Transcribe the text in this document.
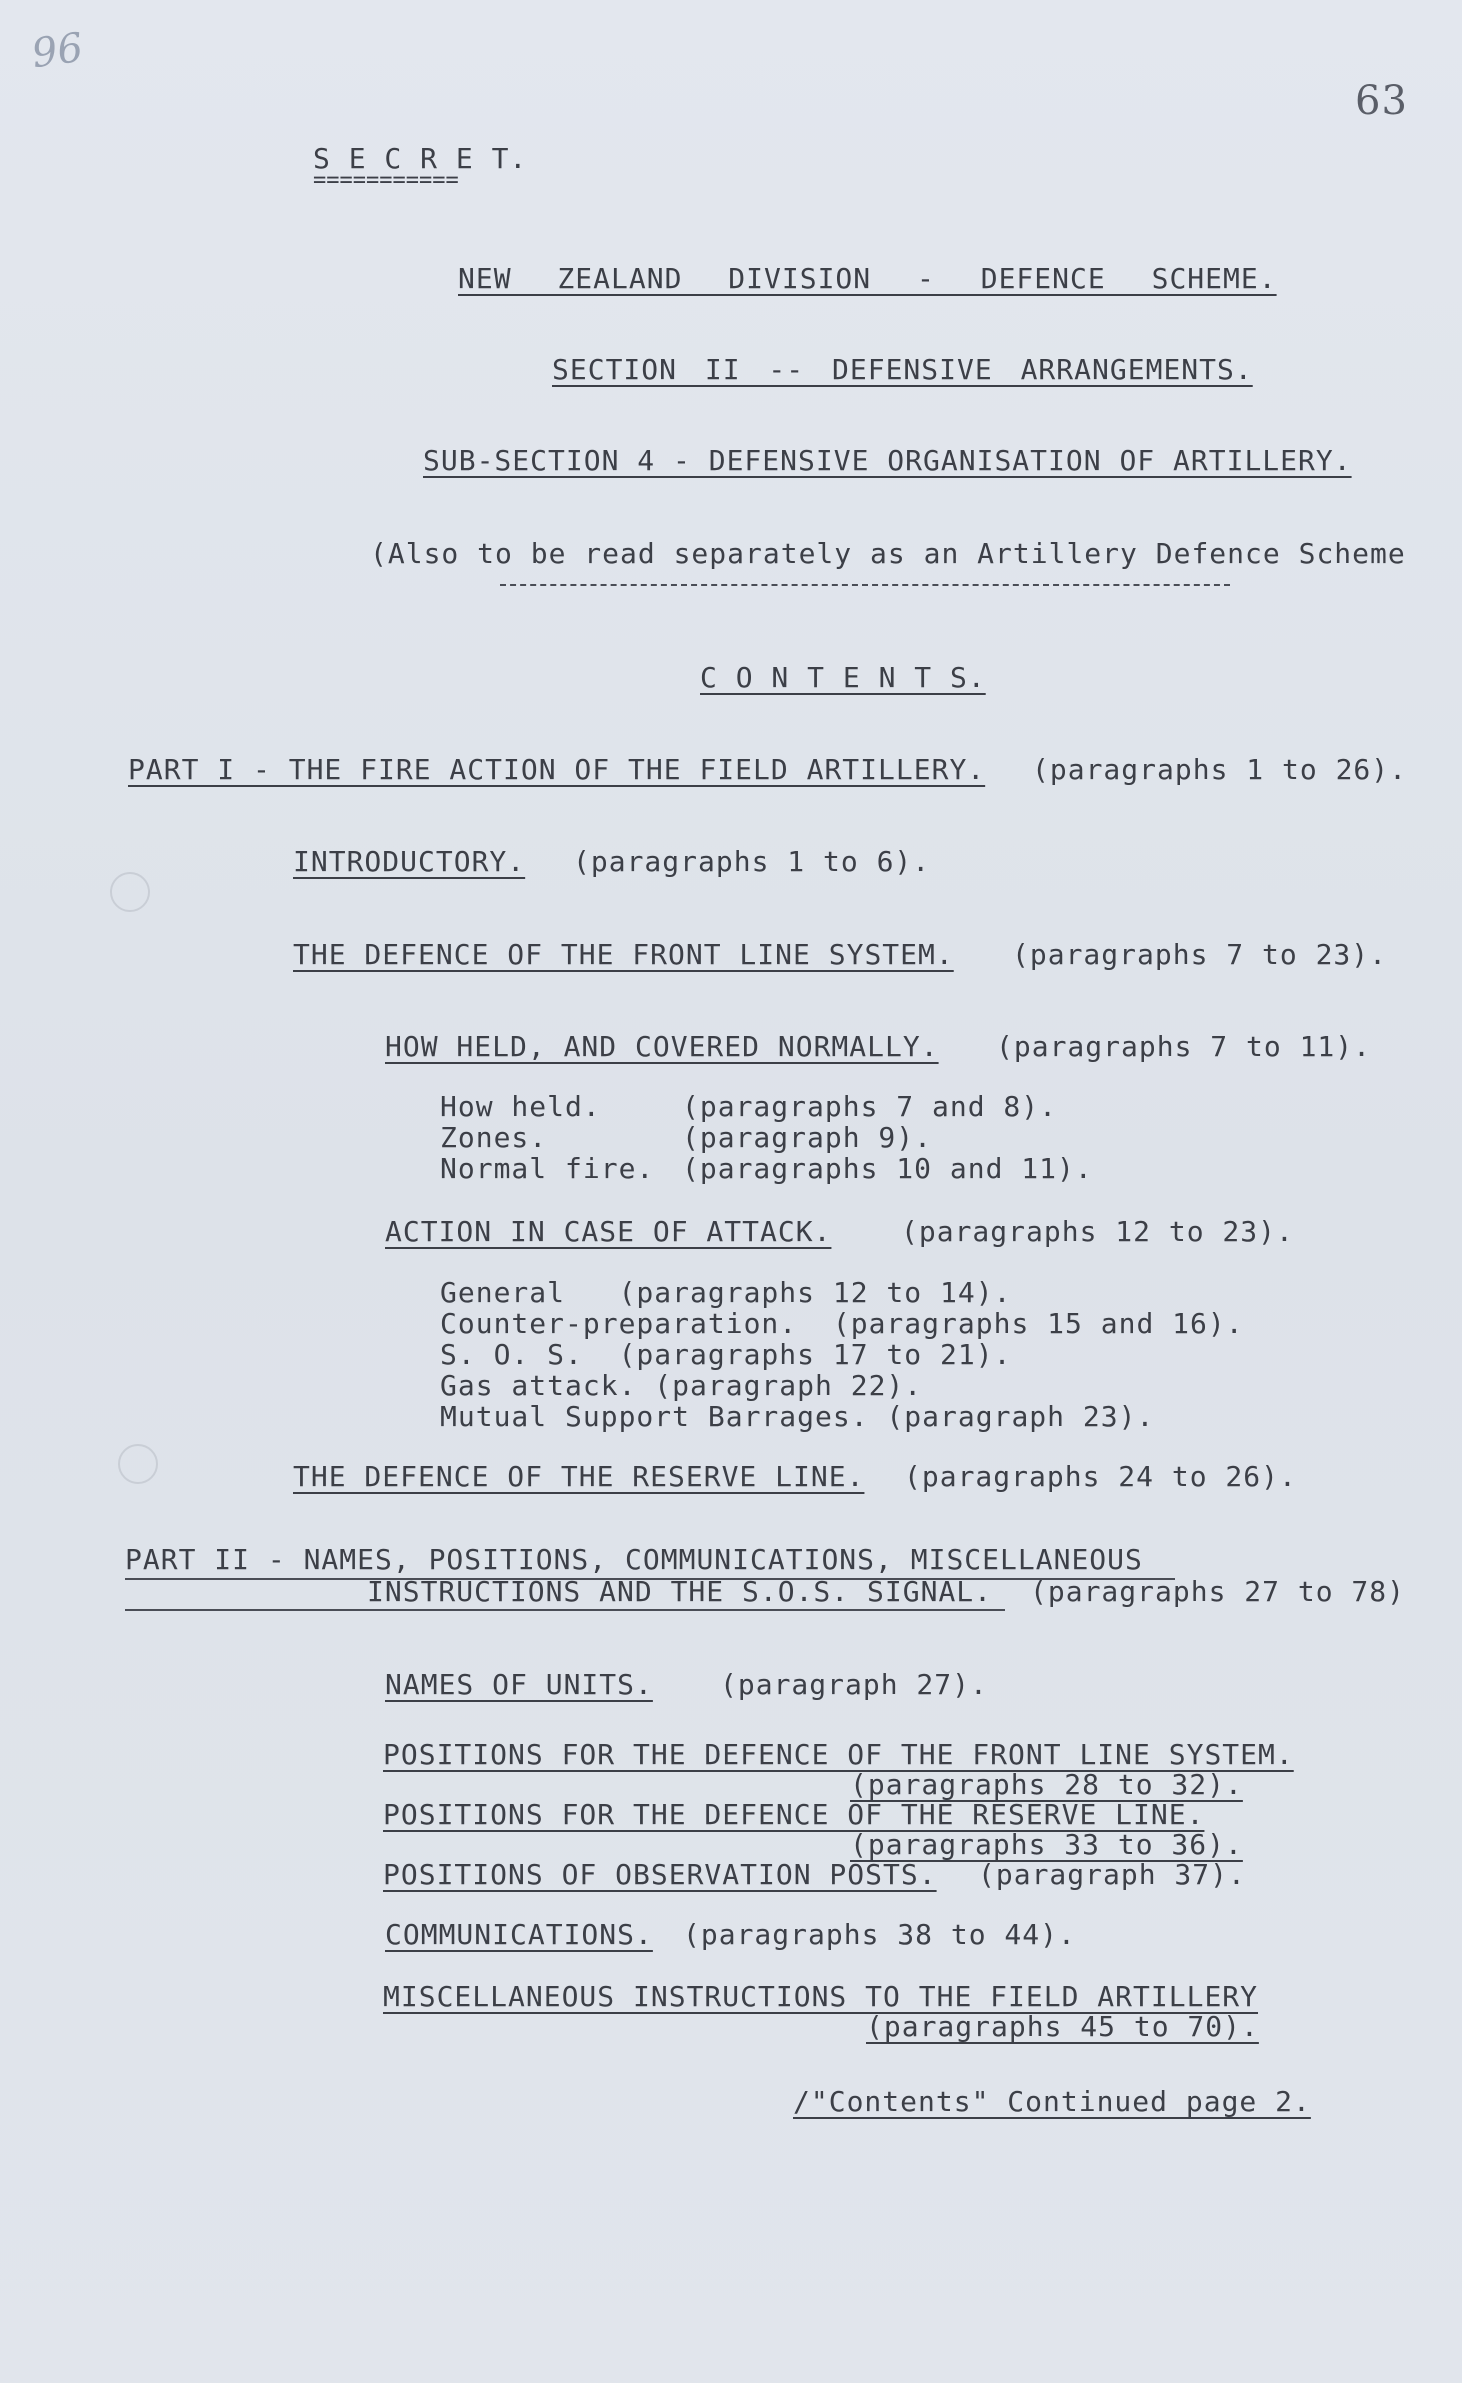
96
63
S E C R E T.
===========
NEW ZEALAND DIVISION - DEFENCE SCHEME.
SECTION II -- DEFENSIVE ARRANGEMENTS.
SUB-SECTION 4 - DEFENSIVE ORGANISATION OF ARTILLERY.
(Also to be read separately as an Artillery Defence Scheme
C O N T E N T S.
PART I - THE FIRE ACTION OF THE FIELD ARTILLERY. (paragraphs 1 to 26).
INTRODUCTORY. (paragraphs 1 to 6).
THE DEFENCE OF THE FRONT LINE SYSTEM. (paragraphs 7 to 23).
HOW HELD, AND COVERED NORMALLY. (paragraphs 7 to 11).
How held.	(paragraphs 7 and 8).
Zones.	(paragraph 9).
Normal fire. (paragraphs 10 and 11).
ACTION IN CASE OF ATTACK. (paragraphs 12 to 23).
General   (paragraphs 12 to 14).
Counter-preparation.  (paragraphs 15 and 16).
S. O. S.  (paragraphs 17 to 21).
Gas attack. (paragraph 22).
Mutual Support Barrages. (paragraph 23).
THE DEFENCE OF THE RESERVE LINE. (paragraphs 24 to 26).
PART II - NAMES, POSITIONS, COMMUNICATIONS, MISCELLANEOUS
INSTRUCTIONS AND THE S.O.S. SIGNAL. (paragraphs 27 to 78)
NAMES OF UNITS. (paragraph 27).
POSITIONS FOR THE DEFENCE OF THE FRONT LINE SYSTEM.
(paragraphs 28 to 32).
POSITIONS FOR THE DEFENCE OF THE RESERVE LINE.
(paragraphs 33 to 36).
POSITIONS OF OBSERVATION POSTS. (paragraph 37).
COMMUNICATIONS. (paragraphs 38 to 44).
MISCELLANEOUS INSTRUCTIONS TO THE FIELD ARTILLERY
(paragraphs 45 to 70).
/"Contents" Continued page 2.
